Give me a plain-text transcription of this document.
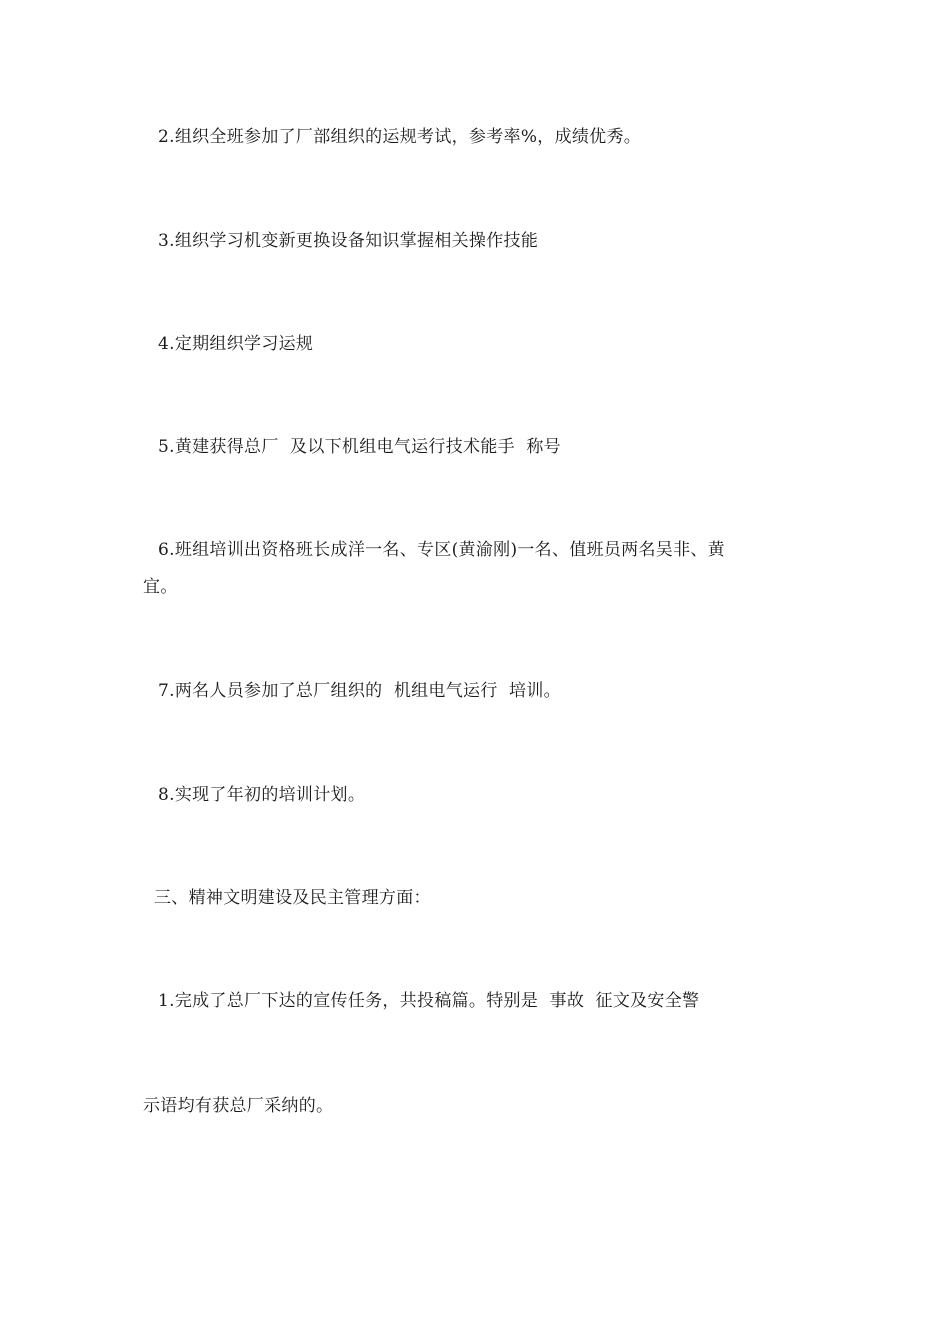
2.组织全班参加了厂部组织的运规考试，参考率%，成绩优秀。
3.组织学习机变新更换设备知识掌握相关操作技能
4.定期组织学习运规
5.黄建获得总厂  及以下机组电气运行技术能手  称号
6.班组培训出资格班长成洋一名、专区(黄渝刚)一名、值班员两名吴非、黄
宜。
7.两名人员参加了总厂组织的  机组电气运行  培训。
8.实现了年初的培训计划。
三、精神文明建设及民主管理方面：
1.完成了总厂下达的宣传任务，共投稿篇。特别是  事故  征文及安全警
示语均有获总厂采纳的。
